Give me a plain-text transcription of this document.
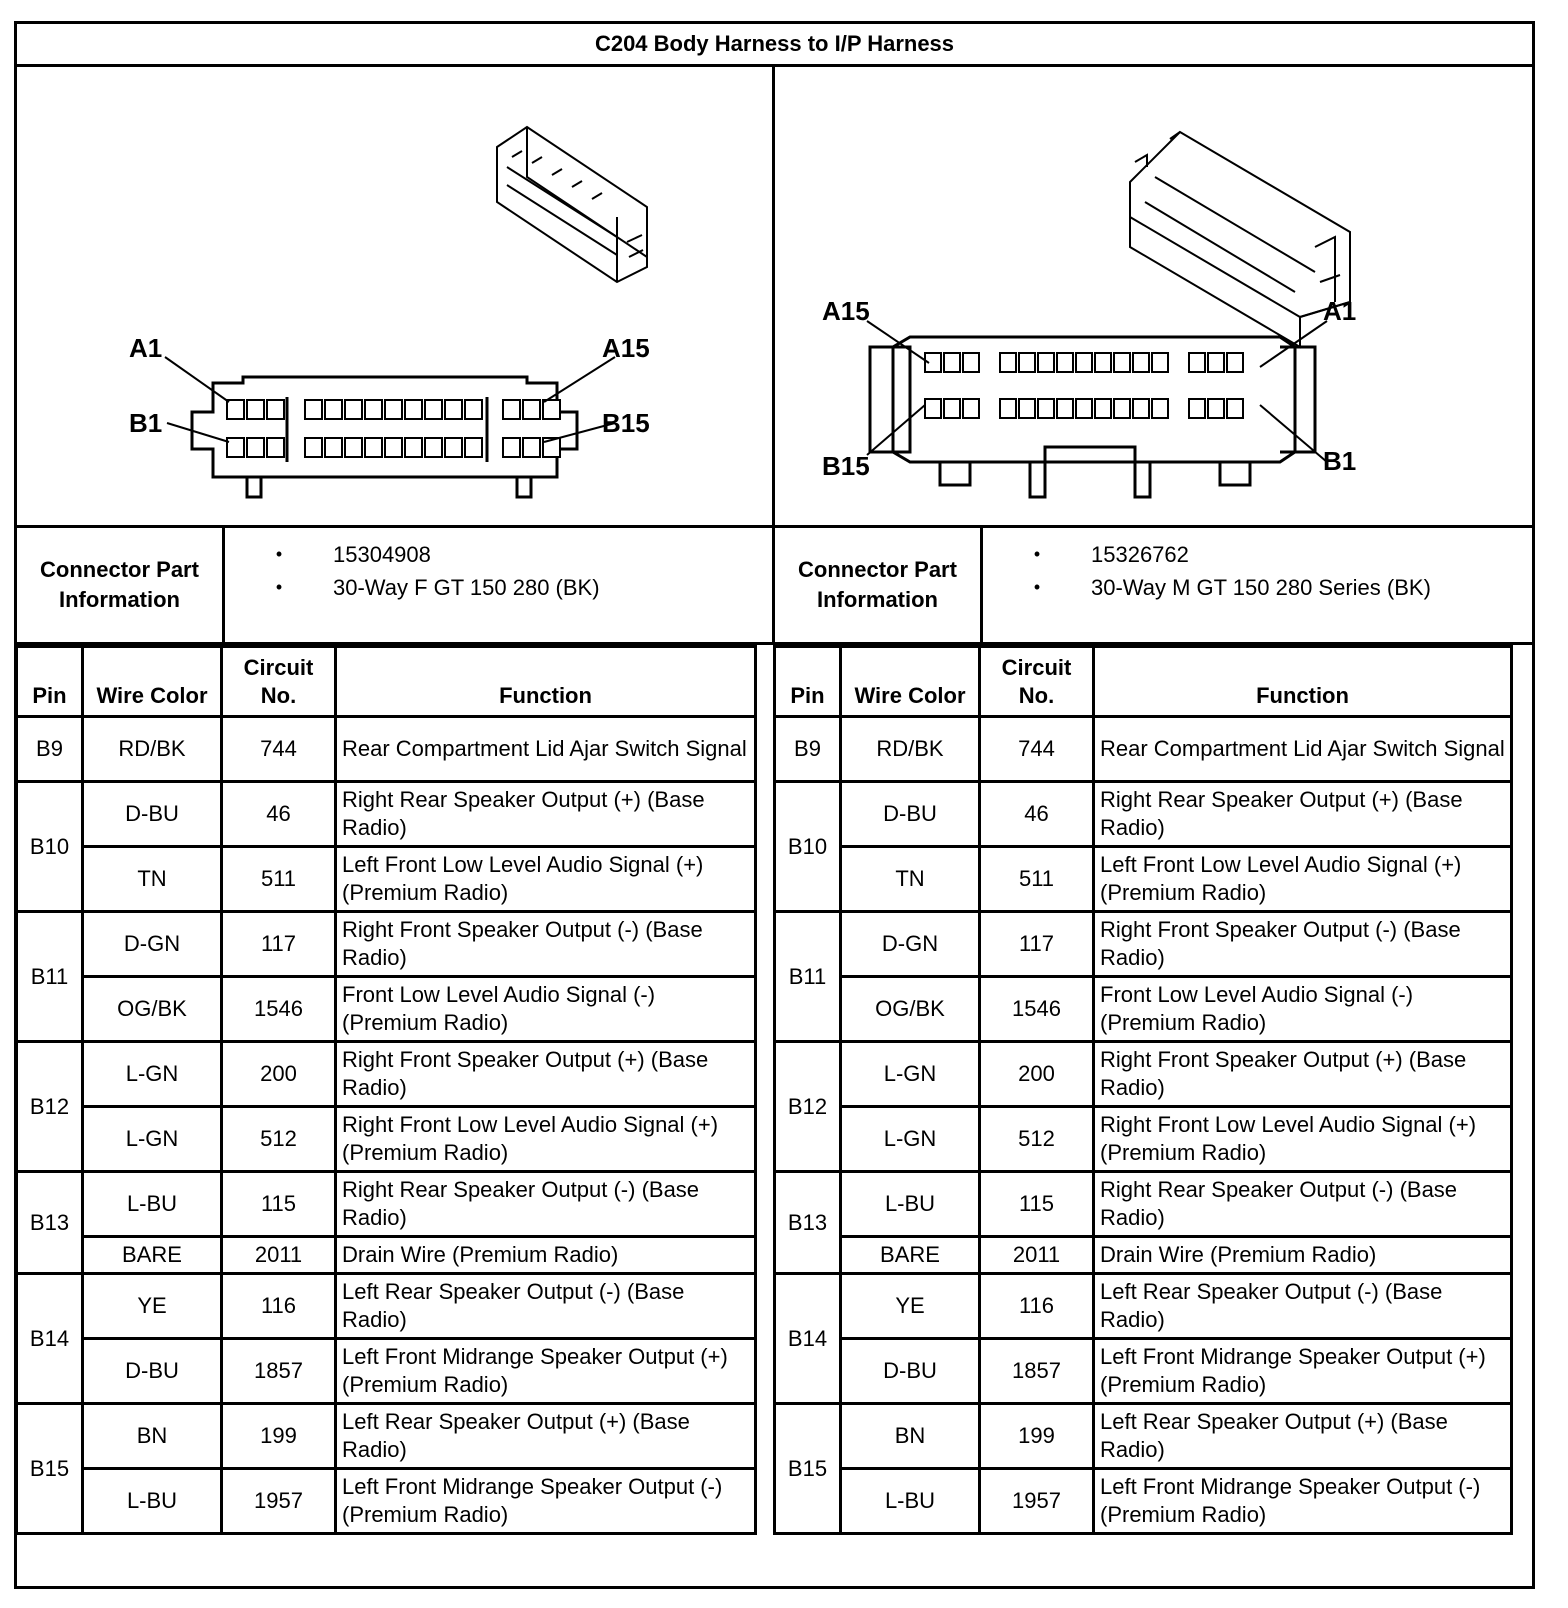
C204 Body Harness to I/P Harness
A1	A15
B1	B15
A15	A1
B15	B1
Connector Part Information
•	15304908
•	30-Way F GT 150 280 (BK)
Connector Part Information
•	15326762
•	30-Way M GT 150 280 Series (BK)
Pin	Wire Color	Circuit No.	Function
B9	RD/BK	744	Rear Compartment Lid Ajar Switch Signal
B10	D-BU	46	Right Rear Speaker Output (+) (Base Radio)
	TN	511	Left Front Low Level Audio Signal (+) (Premium Radio)
B11	D-GN	117	Right Front Speaker Output (-) (Base Radio)
	OG/BK	1546	Front Low Level Audio Signal (-) (Premium Radio)
B12	L-GN	200	Right Front Speaker Output (+) (Base Radio)
	L-GN	512	Right Front Low Level Audio Signal (+) (Premium Radio)
B13	L-BU	115	Right Rear Speaker Output (-) (Base Radio)
	BARE	2011	Drain Wire (Premium Radio)
B14	YE	116	Left Rear Speaker Output (-) (Base Radio)
	D-BU	1857	Left Front Midrange Speaker Output (+) (Premium Radio)
B15	BN	199	Left Rear Speaker Output (+) (Base Radio)
	L-BU	1957	Left Front Midrange Speaker Output (-) (Premium Radio)
Pin	Wire Color	Circuit No.	Function
B9	RD/BK	744	Rear Compartment Lid Ajar Switch Signal
B10	D-BU	46	Right Rear Speaker Output (+) (Base Radio)
	TN	511	Left Front Low Level Audio Signal (+) (Premium Radio)
B11	D-GN	117	Right Front Speaker Output (-) (Base Radio)
	OG/BK	1546	Front Low Level Audio Signal (-) (Premium Radio)
B12	L-GN	200	Right Front Speaker Output (+) (Base Radio)
	L-GN	512	Right Front Low Level Audio Signal (+) (Premium Radio)
B13	L-BU	115	Right Rear Speaker Output (-) (Base Radio)
	BARE	2011	Drain Wire (Premium Radio)
B14	YE	116	Left Rear Speaker Output (-) (Base Radio)
	D-BU	1857	Left Front Midrange Speaker Output (+) (Premium Radio)
B15	BN	199	Left Rear Speaker Output (+) (Base Radio)
	L-BU	1957	Left Front Midrange Speaker Output (-) (Premium Radio)
